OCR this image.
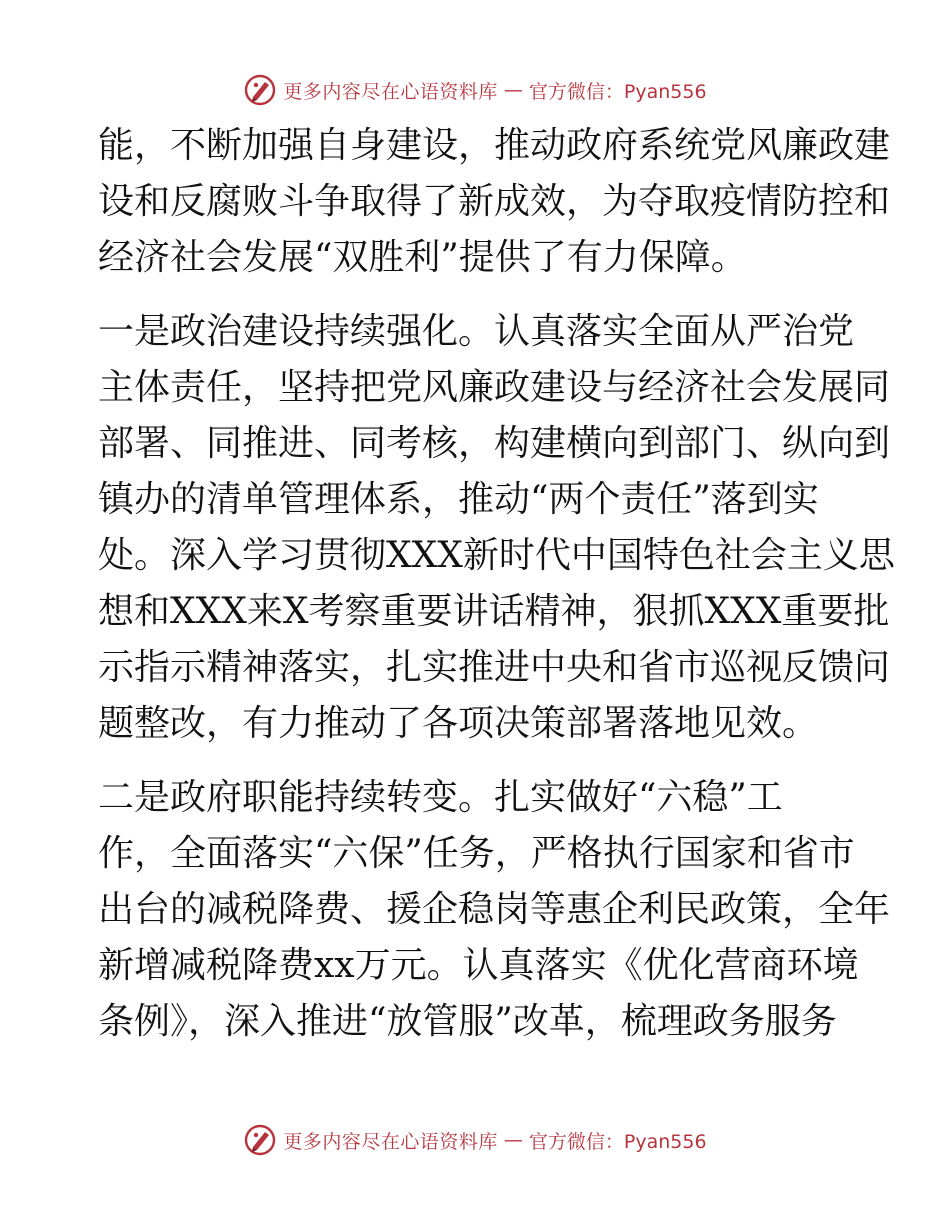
更多内容尽在心语资料库 — 官方微信：Pyan556
能，不断加强自身建设，推动政府系统党风廉政建
设和反腐败斗争取得了新成效，为夺取疫情防控和
经济社会发展“双胜利”提供了有力保障。
一是政治建设持续强化。认真落实全面从严治党
主体责任，坚持把党风廉政建设与经济社会发展同
部署、同推进、同考核，构建横向到部门、纵向到
镇办的清单管理体系，推动“两个责任”落到实
处。深入学习贯彻XXX新时代中国特色社会主义思
想和XXX来X考察重要讲话精神，狠抓XXX重要批
示指示精神落实，扎实推进中央和省市巡视反馈问
题整改，有力推动了各项决策部署落地见效。
二是政府职能持续转变。扎实做好“六稳”工
作，全面落实“六保”任务，严格执行国家和省市
出台的减税降费、援企稳岗等惠企利民政策，全年
新增减税降费xx万元。认真落实《优化营商环境
条例》，深入推进“放管服”改革，梳理政务服务
更多内容尽在心语资料库 — 官方微信：Pyan556
